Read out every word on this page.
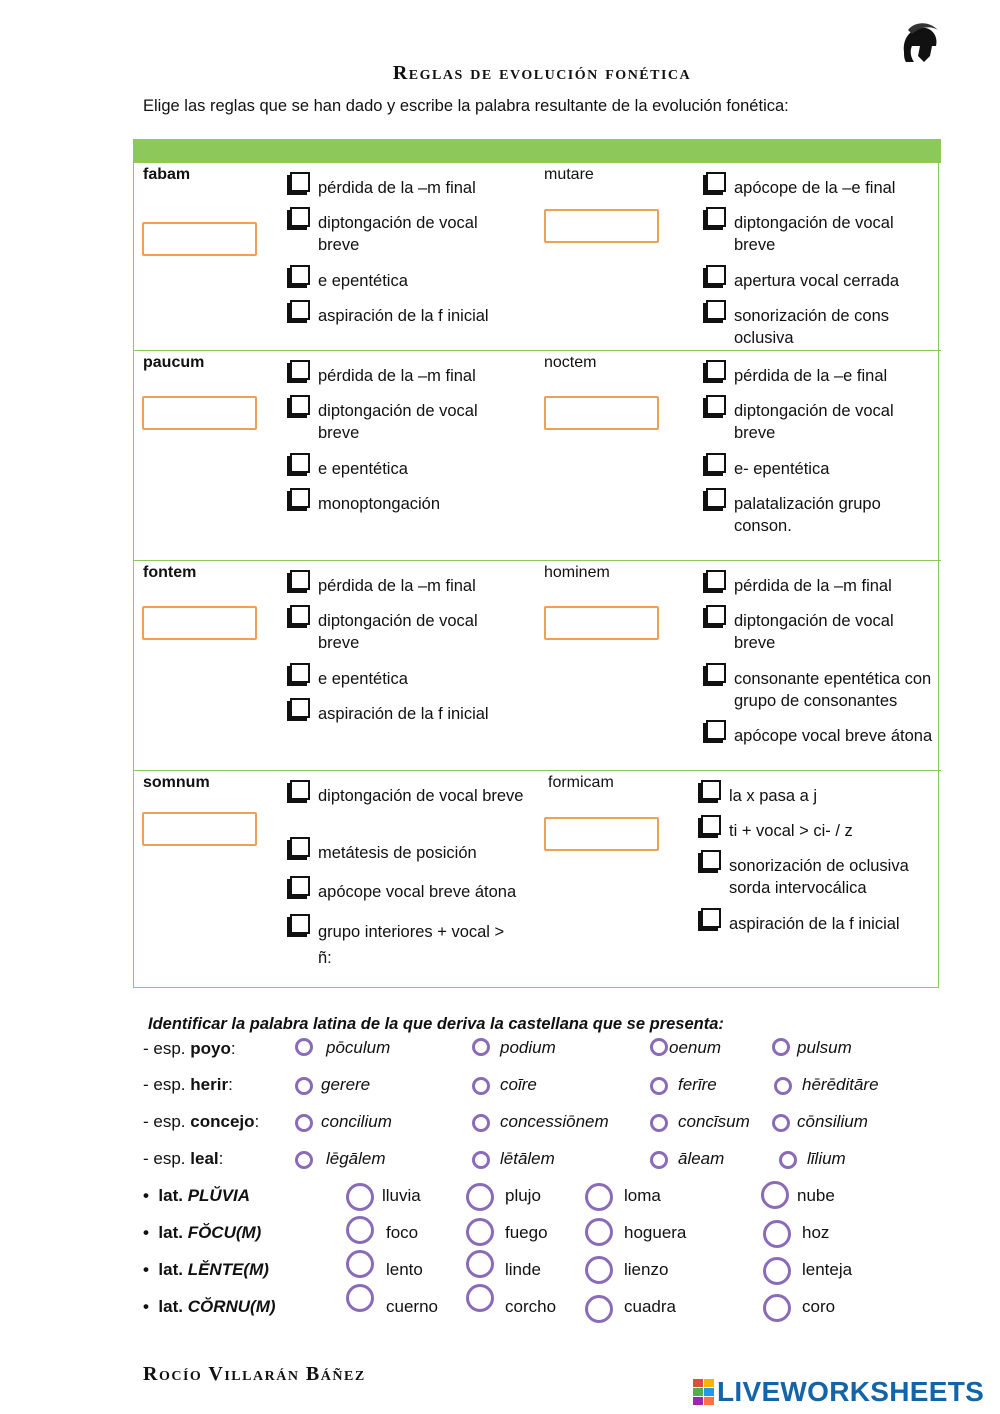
Reglas de evolución fonética
Elige las reglas que se han dado y escribe la palabra resultante de la evolución fonética:
fabam
pérdida de la –m final
diptongación de vocal breve
e epentética
aspiración de la f inicial
mutare
apócope de la –e final
diptongación de vocal breve
apertura vocal cerrada
sonorización de cons oclusiva
paucum
pérdida de la –m final
diptongación de vocal breve
e epentética
monoptongación
noctem
pérdida de la –e final
diptongación de vocal breve
e- epentética
palatalización grupo conson.
fontem
pérdida de la –m final
diptongación de vocal breve
e epentética
aspiración de la f inicial
hominem
pérdida de la –m final
diptongación de vocal breve
consonante epentética con grupo de consonantes
apócope vocal breve átona
somnum
diptongación de vocal breve
metátesis de posición
apócope vocal breve átona
grupo interiores + vocal > ñ:
formicam
la x pasa a j
ti + vocal > ci- / z
sonorización de oclusiva sorda intervocálica
aspiración de la f inicial
Identificar la palabra latina de la que deriva la castellana que se presenta:
- esp. poyo:	pōculum	podium	oenum	pulsum
- esp. herir:	gerere	coīre	ferīre	hērēditāre
- esp. concejo:	concilium	concessiōnem	concīsum	cōnsilium
- esp. leal:	lēgālem	lētālem	āleam	līlium
•  lat. PLŬVIA	lluvia	plujo	loma	nube
•  lat. FŎCU(M)	foco	fuego	hoguera	hoz
•  lat. LĔNTE(M)	lento	linde	lienzo	lenteja
•  lat. CŎRNU(M)	cuerno	corcho	cuadra	coro
Rocío Villarán Báñez
LIVEWORKSHEETS
